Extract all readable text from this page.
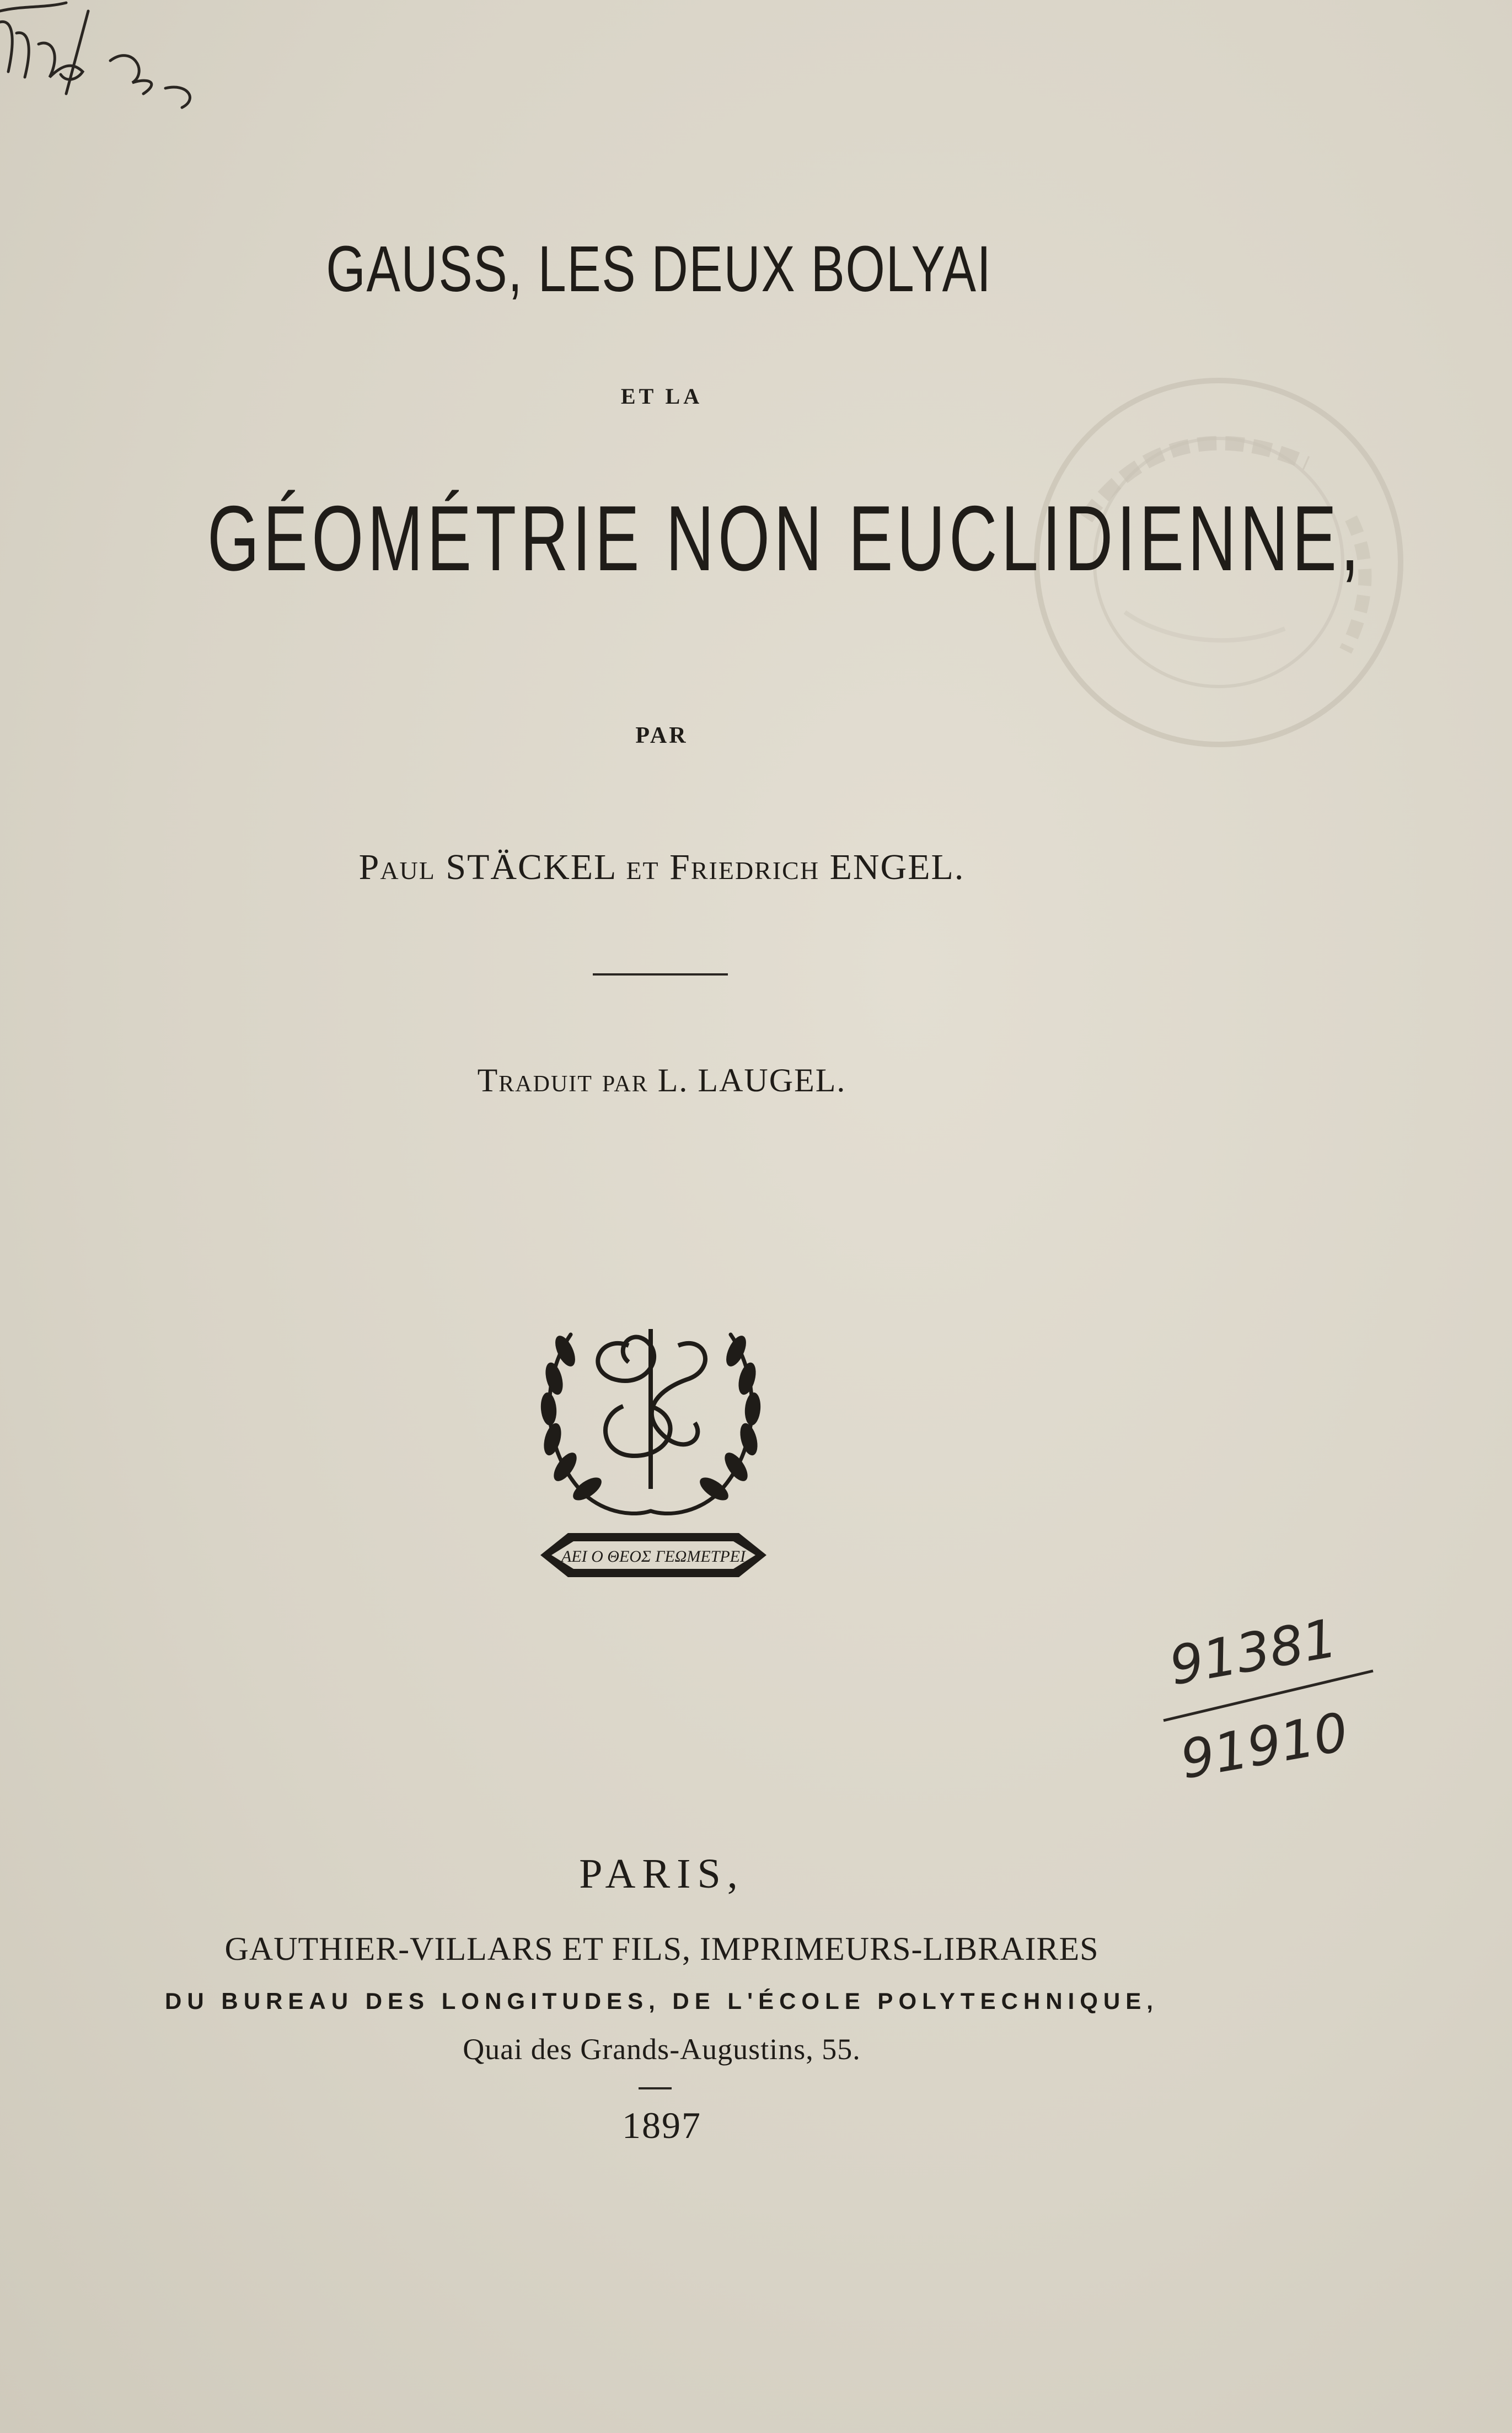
GAUSS, LES DEUX BOLYAI
ET LA
GÉOMÉTRIE NON EUCLIDIENNE,
PAR
Paul STÄCKEL et Friedrich ENGEL.
Traduit par L. LAUGEL.
ΑΕΙ Ο ΘΕΟΣ ΓΕΩΜΕΤΡΕΙ
91381
91910
PARIS,
GAUTHIER-VILLARS ET FILS, IMPRIMEURS-LIBRAIRES
DU BUREAU DES LONGITUDES, DE L'ÉCOLE POLYTECHNIQUE,
Quai des Grands-Augustins, 55.
1897
